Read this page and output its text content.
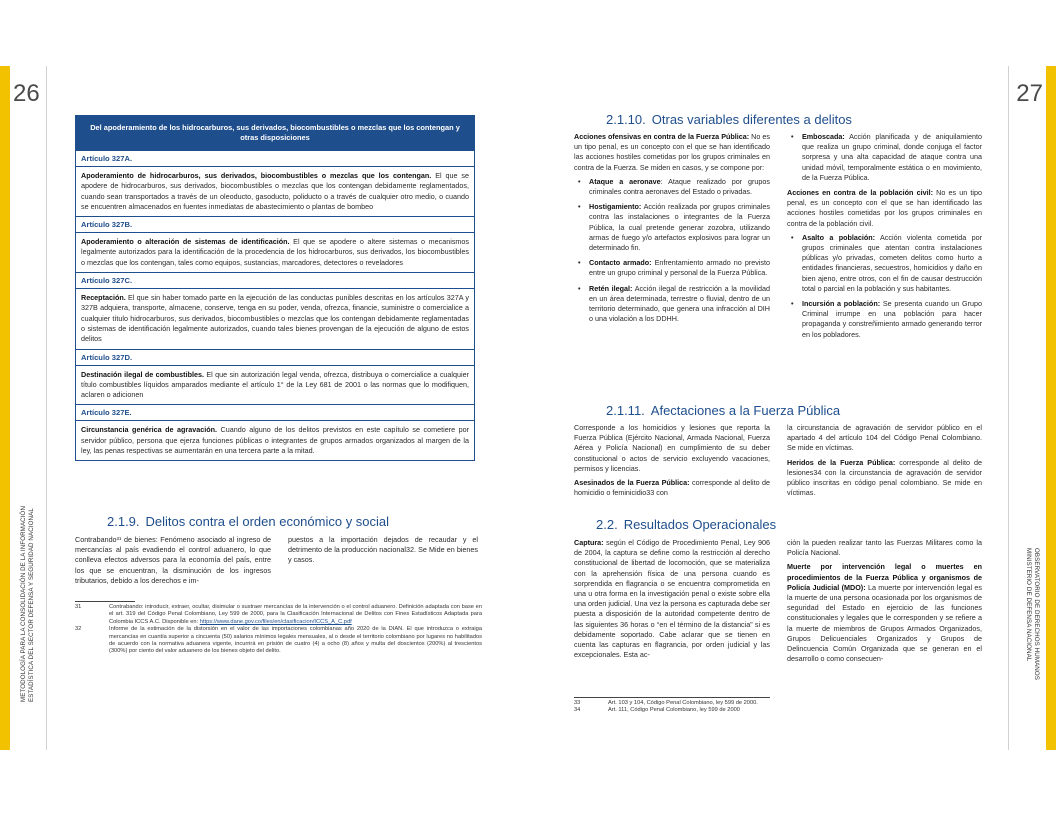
26	27
METODOLOGÍA PARA LA CONSOLIDACIÓN DE LA INFORMACIÓN ESTADÍSTICA DEL SECTOR DEFENSA Y SEGURIDAD NACIONAL	OBSERVATORIO DE DERECHOS HUMANOS
MINISTERIO DE DEFENSA NACIONAL
Del apoderamiento de los hidrocarburos, sus derivados, biocombustibles o mezclas que los contengan y otras disposiciones
Artículo 327A.
Apoderamiento de hidrocarburos, sus derivados, biocombustibles o mezclas que los contengan. El que se apodere de hidrocarburos, sus derivados, biocombustibles o mezclas que los contengan debidamente reglamentados, cuando sean transportados a través de un oleoducto, gasoducto, poliducto o a través de cualquier otro medio, o cuando se encuentren almacenados en fuentes inmediatas de abastecimiento o plantas de bombeo
Artículo 327B.
Apoderamiento o alteración de sistemas de identificación. El que se apodere o altere sistemas o mecanismos legalmente autorizados para la identificación de la procedencia de los hidrocarburos, sus derivados, los biocombustibles o mezclas que los contengan, tales como equipos, sustancias, marcadores, detectores o reveladores
Artículo 327C.
Receptación. El que sin haber tomado parte en la ejecución de las conductas punibles descritas en los artículos 327A y 327B adquiera, transporte, almacene, conserve, tenga en su poder, venda, ofrezca, financie, suministre o comercialice a cualquier título hidrocarburos, sus derivados, biocombustibles o mezclas que los contengan debidamente reglamentadas o sistemas de identificación legalmente autorizados, cuando tales bienes provengan de la ejecución de alguno de estos delitos
Artículo 327D.
Destinación ilegal de combustibles. El que sin autorización legal venda, ofrezca, distribuya o comercialice a cualquier título combustibles líquidos amparados mediante el artículo 1° de la Ley 681 de 2001 o las normas que lo modifiquen, aclaren o adicionen
Artículo 327E.
Circunstancia genérica de agravación. Cuando alguno de los delitos previstos en este capítulo se cometiere por servidor público, persona que ejerza funciones públicas o integrantes de grupos armados organizados al margen de la ley, las penas respectivas se aumentarán en una tercera parte a la mitad.
2.1.9. Delitos contra el orden económico y social
Contrabando³¹ de bienes: Fenómeno asociado al ingreso de mercancías al país evadiendo el control aduanero, lo que conlleva efectos adversos para la economía del país, entre los que se encuentran, la disminución de los ingresos tributarios, debido a los derechos e im-
puestos a la importación dejados de recaudar y el detrimento de la producción nacional32. Se Mide en bienes y casos.
31	Contrabando: introducir, extraer, ocultar, disimular o sustraer mercancías de la intervención o el control aduanero. Definición adaptada con base en el art. 319 del Código Penal Colombiano, Ley 599 de 2000, para la Clasificación Internacional de Delitos con Fines Estadísticos Adaptada para Colombia ICCS A.C. Disponible en: https://www.dane.gov.co/files/en/clasificacion/ICCS_A_C.pdf
32	Informe de la estimación de la distorsión en el valor de las importaciones colombianas año 2020 de la DIAN. El que introduzca o extraiga mercancías en cuantía superior a cincuenta (50) salarios mínimos legales mensuales, al o desde el territorio colombiano por lugares no habilitados de acuerdo con la normativa aduanera vigente, incurrirá en prisión de cuatro (4) a ocho (8) años y multa del doscientos (200%) al trescientos (300%) por ciento del valor aduanero de los bienes objeto del delito.
2.1.10. Otras variables diferentes a delitos

Acciones ofensivas en contra de la Fuerza Pública: No es un tipo penal, es un concepto con el que se han identificado las acciones hostiles cometidas por los grupos criminales en contra de la Fuerza. Se miden en casos, y se compone por:

• Ataque a aeronave: Ataque realizado por grupos criminales contra aeronaves del Estado o privadas.
• Hostigamiento: Acción realizada por grupos criminales contra las instalaciones o integrantes de la Fuerza Pública, la cual pretende generar zozobra, utilizando armas de fuego y/o artefactos explosivos para lograr un determinado fin.
• Contacto armado: Enfrentamiento armado no previsto entre un grupo criminal y personal de la Fuerza Pública.
• Retén ilegal: Acción ilegal de restricción a la movilidad en un área determinada, terrestre o fluvial, dentro de un territorio determinado, que genera una infracción al DIH o una violación a los DDHH.
• Emboscada: Acción planificada y de aniquilamiento que realiza un grupo criminal, donde conjuga el factor sorpresa y una alta capacidad de ataque contra una unidad móvil, temporalmente estática o en movimiento, de la Fuerza Pública.

Acciones en contra de la población civil: No es un tipo penal, es un concepto con el que se han identificado las acciones hostiles cometidas por los grupos criminales en contra de la población civil.

• Asalto a población: Acción violenta cometida por grupos criminales que atentan contra instalaciones públicas y/o privadas, cometen delitos como hurto a entidades financieras, secuestros, homicidios y daño en bien ajeno, entre otros, con el fin de causar destrucción total o parcial en la población y sus habitantes.
• Incursión a población: Se presenta cuando un Grupo Criminal irrumpe en una población para hacer propaganda y constreñimiento armado generando terror en los pobladores.
2.1.11. Afectaciones a la Fuerza Pública

Corresponde a los homicidios y lesiones que reporta la Fuerza Pública (Ejército Nacional, Armada Nacional, Fuerza Aérea y Policía Nacional) en cumplimiento de su deber constitucional o actos de servicio excluyendo vacaciones, permisos y licencias.

Asesinados de la Fuerza Pública: corresponde al delito de homicidio o feminicidio33 con

la circunstancia de agravación de servidor público en el apartado 4 del artículo 104 del Código Penal Colombiano. Se mide en víctimas.

Heridos de la Fuerza Pública: corresponde al delito de lesiones34 con la circunstancia de agravación de servidor público inscritas en código penal colombiano. Se mide en víctimas.

2.2. Resultados Operacionales

Captura: según el Código de Procedimiento Penal, Ley 906 de 2004, la captura se define como la restricción al derecho constitucional de libertad de locomoción, que se materializa con la aprehensión física de una persona cuando es sorprendida en flagrancia o se encuentra comprometida en una u otra forma en la investigación penal o existe sobre ella una orden judicial. Una vez la persona es capturada debe ser puesta a disposición de la autoridad competente dentro de las siguientes 36 horas o “en el término de la distancia” si es debidamente soportado. Cabe aclarar que se tienen en cuenta las capturas en flagrancia, por orden judicial y las excepcionales. Esta ac-

ción la pueden realizar tanto las Fuerzas Militares como la Policía Nacional.

Muerte por intervención legal o muertes en procedimientos de la Fuerza Pública y organismos de Policía Judicial (MDO): La muerte por intervención legal es la muerte de una persona ocasionada por los organismos de seguridad del Estado en ejercicio de las funciones constitucionales y legales que le corresponden y se refiere a la muerte de miembros de Grupos Armados Organizados, Grupos Delicuenciales Organizados y Grupos de Delincuencia Común Organizada que se generan en el desarrollo o como consecuen-

33	Art. 103 y 104, Código Penal Colombiano, ley 599 de 2000.
34	Art. 111, Código Penal Colombiano, ley 599 de 2000
